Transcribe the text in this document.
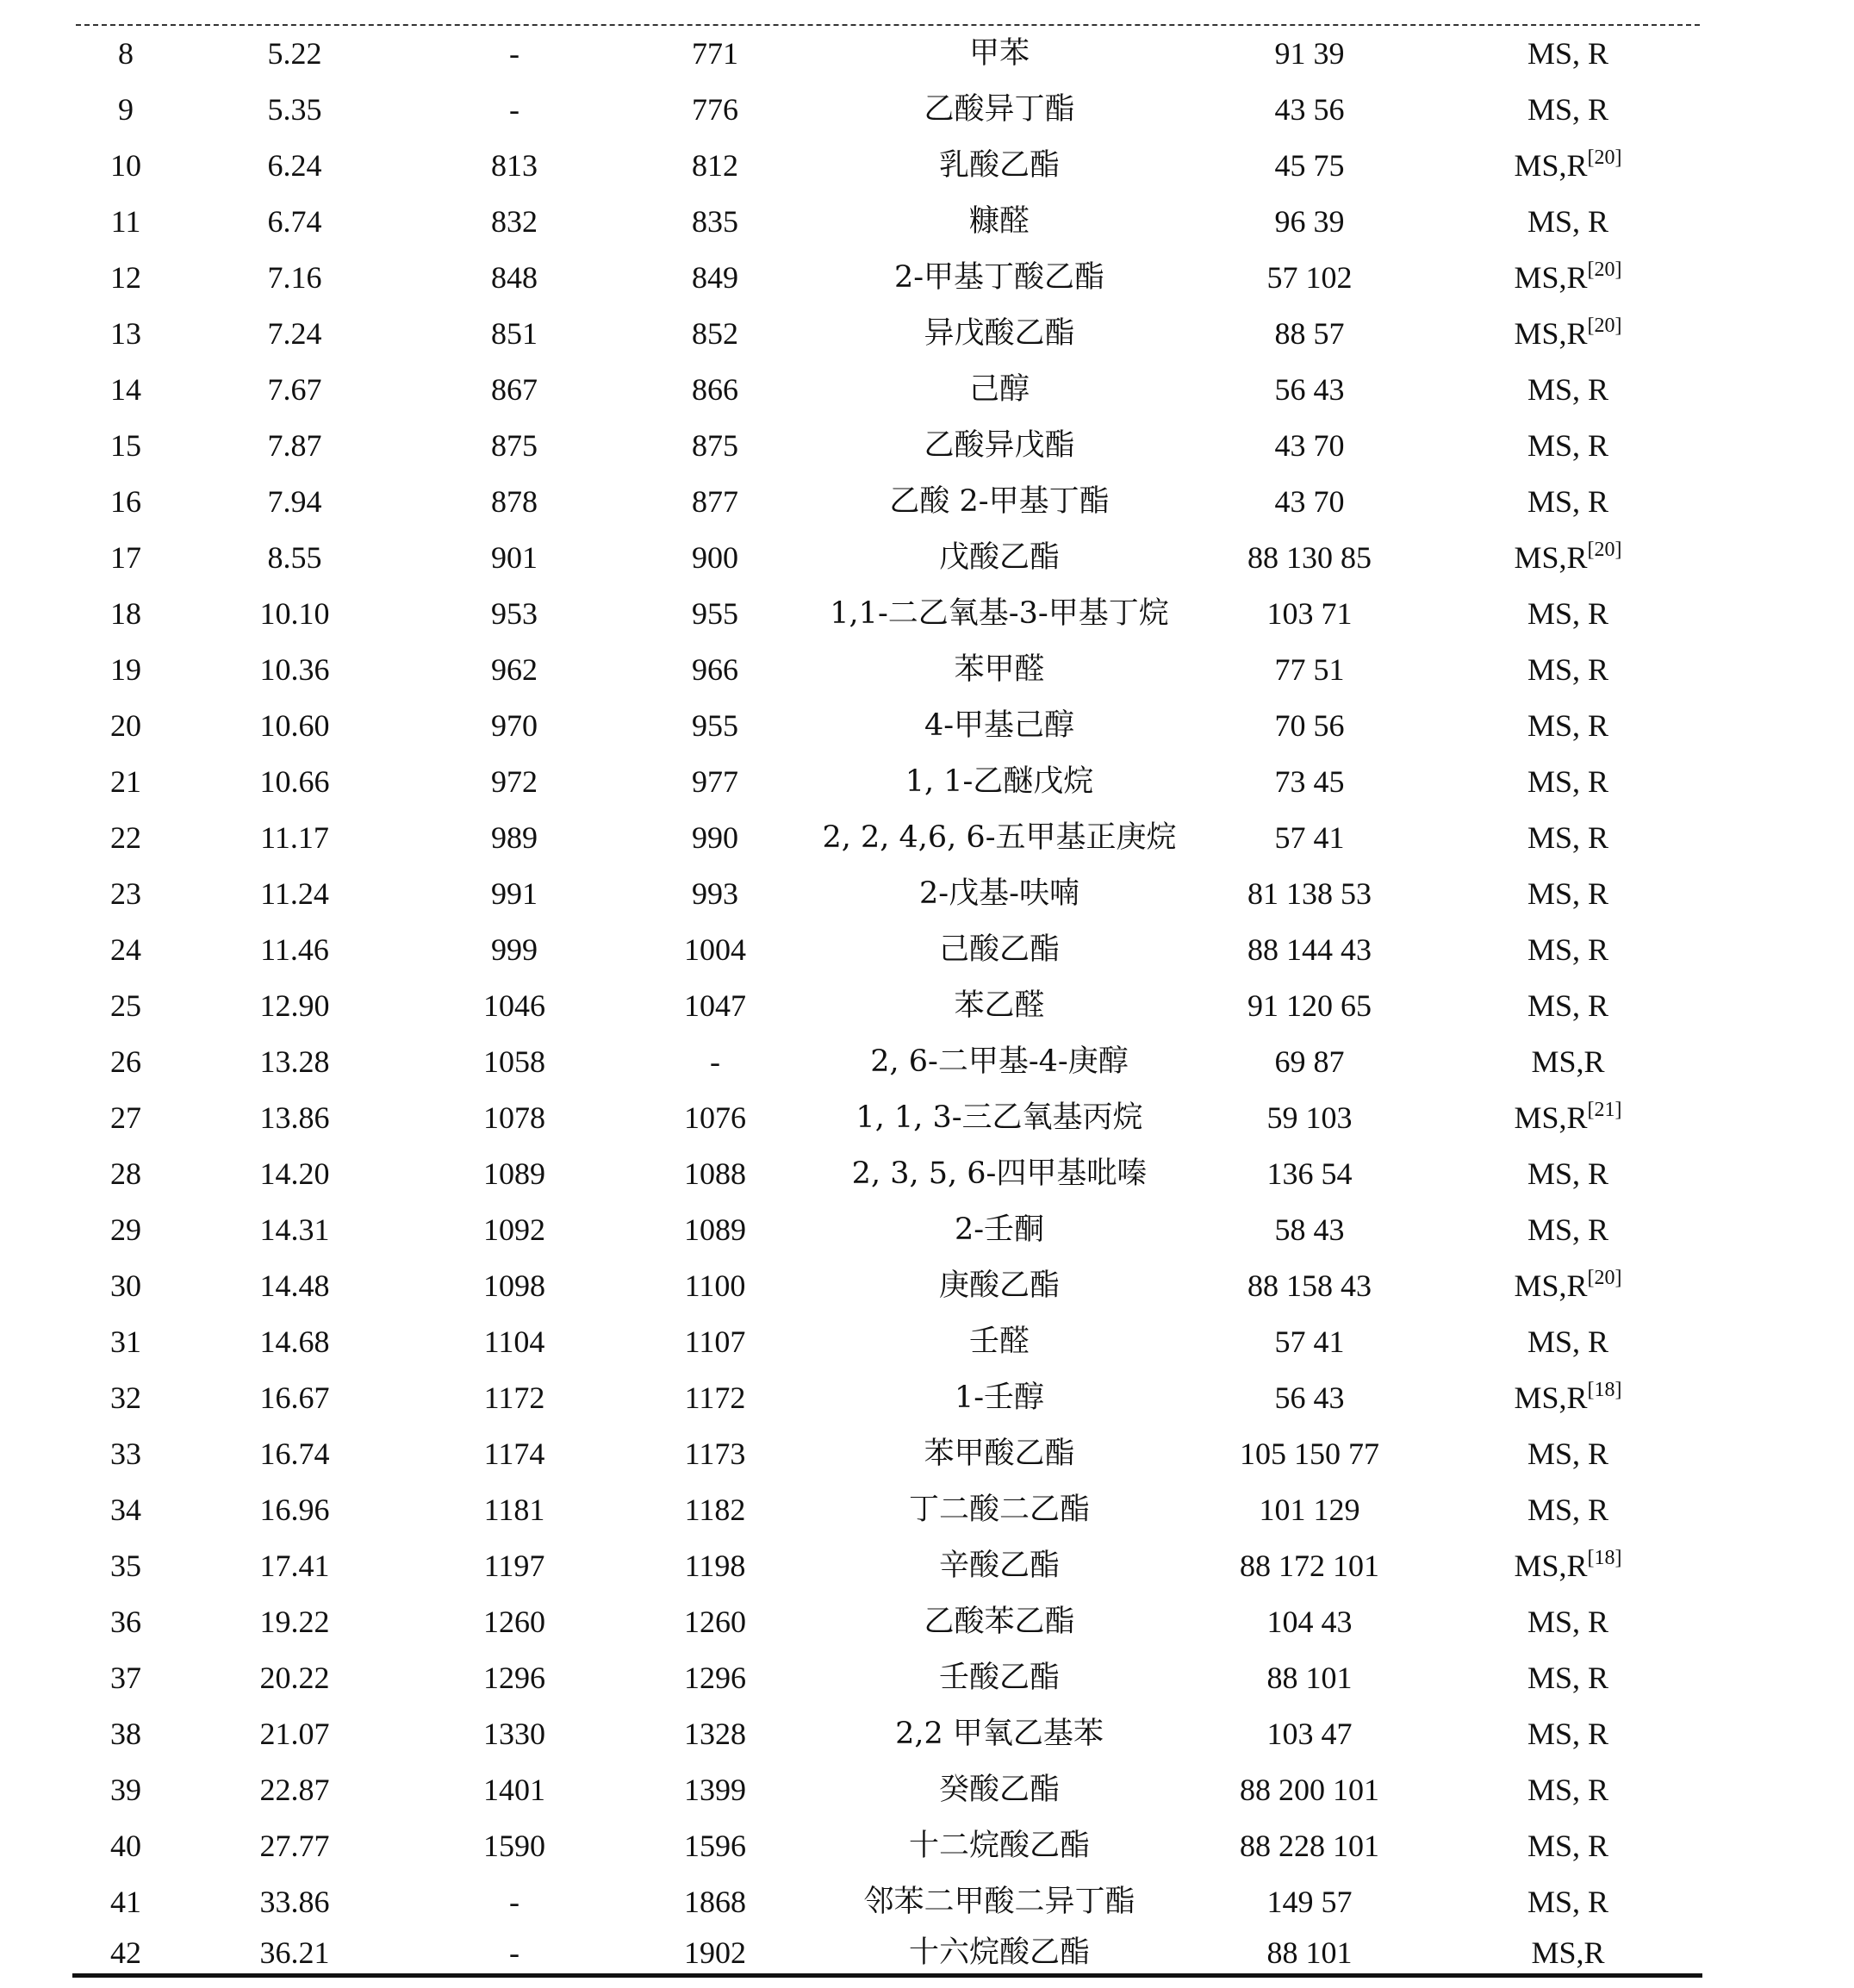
8	5.22	-	771	甲苯	91 39	MS, R
9	5.35	-	776	乙酸异丁酯	43 56	MS, R
10	6.24	813	812	乳酸乙酯	45 75	MS,R[20]
11	6.74	832	835	糠醛	96 39	MS, R
12	7.16	848	849	2-甲基丁酸乙酯	57 102	MS,R[20]
13	7.24	851	852	异戊酸乙酯	88 57	MS,R[20]
14	7.67	867	866	己醇	56 43	MS, R
15	7.87	875	875	乙酸异戊酯	43 70	MS, R
16	7.94	878	877	乙酸 2-甲基丁酯	43 70	MS, R
17	8.55	901	900	戊酸乙酯	88 130 85	MS,R[20]
18	10.10	953	955	1,1-二乙氧基-3-甲基丁烷	103 71	MS, R
19	10.36	962	966	苯甲醛	77 51	MS, R
20	10.60	970	955	4-甲基己醇	70 56	MS, R
21	10.66	972	977	1, 1-乙醚戊烷	73 45	MS, R
22	11.17	989	990	2, 2, 4,6, 6-五甲基正庚烷	57 41	MS, R
23	11.24	991	993	2-戊基-呋喃	81 138 53	MS, R
24	11.46	999	1004	己酸乙酯	88 144 43	MS, R
25	12.90	1046	1047	苯乙醛	91 120 65	MS, R
26	13.28	1058	-	2, 6-二甲基-4-庚醇	69 87	MS,R
27	13.86	1078	1076	1, 1, 3-三乙氧基丙烷	59 103	MS,R[21]
28	14.20	1089	1088	2, 3, 5, 6-四甲基吡嗪	136 54	MS, R
29	14.31	1092	1089	2-壬酮	58 43	MS, R
30	14.48	1098	1100	庚酸乙酯	88 158 43	MS,R[20]
31	14.68	1104	1107	壬醛	57 41	MS, R
32	16.67	1172	1172	1-壬醇	56 43	MS,R[18]
33	16.74	1174	1173	苯甲酸乙酯	105 150 77	MS, R
34	16.96	1181	1182	丁二酸二乙酯	101 129	MS, R
35	17.41	1197	1198	辛酸乙酯	88 172 101	MS,R[18]
36	19.22	1260	1260	乙酸苯乙酯	104 43	MS, R
37	20.22	1296	1296	壬酸乙酯	88 101	MS, R
38	21.07	1330	1328	2,2 甲氧乙基苯	103 47	MS, R
39	22.87	1401	1399	癸酸乙酯	88 200 101	MS, R
40	27.77	1590	1596	十二烷酸乙酯	88 228 101	MS, R
41	33.86	-	1868	邻苯二甲酸二异丁酯	149 57	MS, R
42	36.21	-	1902	十六烷酸乙酯	88 101	MS,R
